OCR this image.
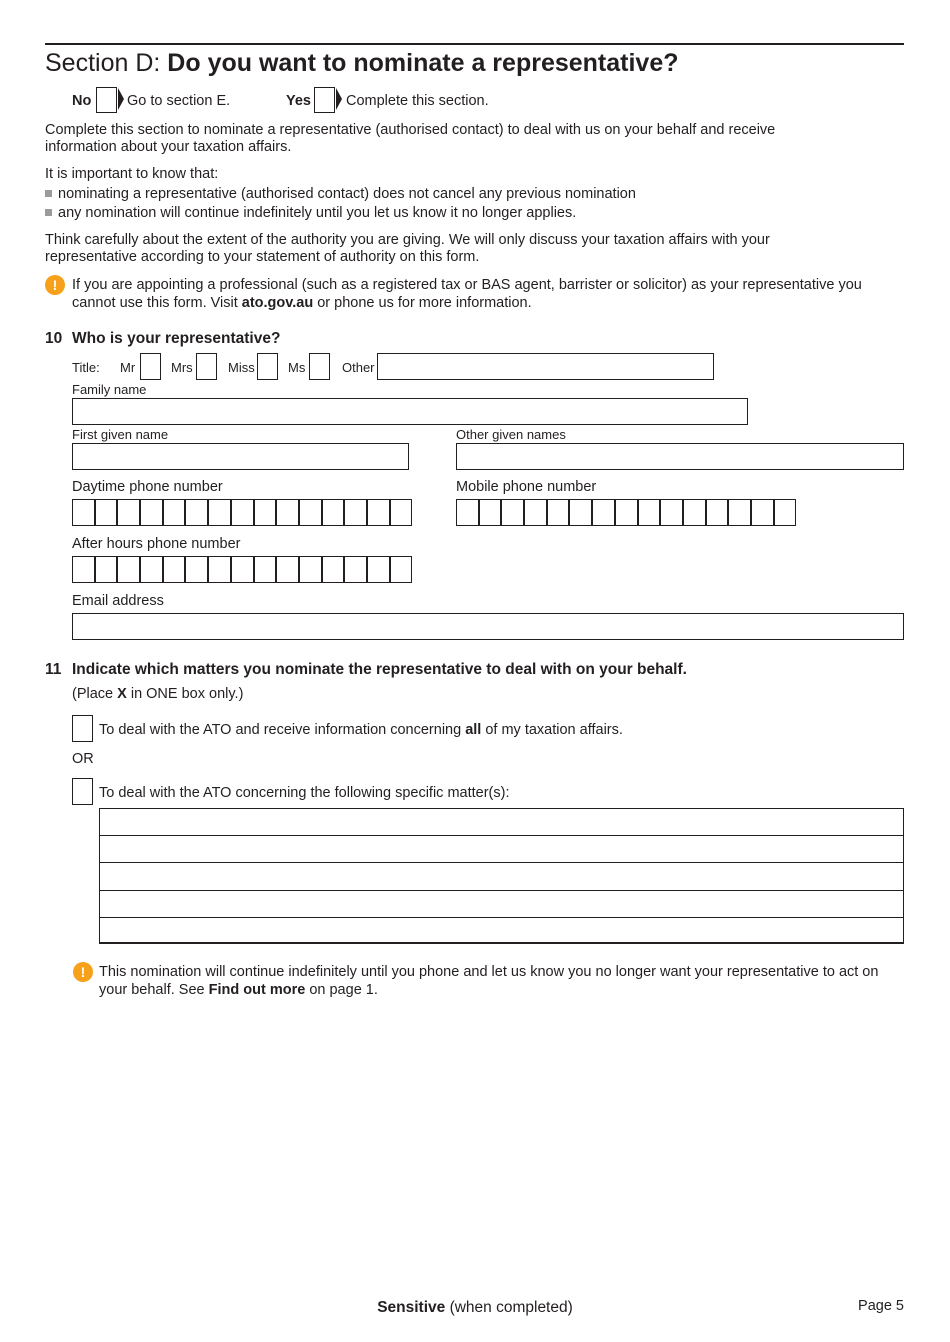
Section D: Do you want to nominate a representative?
No Go to section E.	Yes Complete this section.
Complete this section to nominate a representative (authorised contact) to deal with us on your behalf and receive
information about your taxation affairs.
It is important to know that:
nominating a representative (authorised contact) does not cancel any previous nomination
any nomination will continue indefinitely until you let us know it no longer applies.
Think carefully about the extent of the authority you are giving. We will only discuss your taxation affairs with your
representative according to your statement of authority on this form.
!	If you are appointing a professional (such as a registered tax or BAS agent, barrister or solicitor) as your representative you
cannot use this form. Visit ato.gov.au or phone us for more information.
10 Who is your representative?
Title: Mr	Mrs	Miss	Ms	Other
Family name
First given name	Other given names
Daytime phone number	Mobile phone number
After hours phone number
Email address
11 Indicate which matters you nominate the representative to deal with on your behalf.
(Place X in ONE box only.)
To deal with the ATO and receive information concerning all of my taxation affairs.
OR
To deal with the ATO concerning the following specific matter(s):
! This nomination will continue indefinitely until you phone and let us know you no longer want your representative to act on
your behalf. See Find out more on page 1.
Sensitive (when completed)	Page 5
